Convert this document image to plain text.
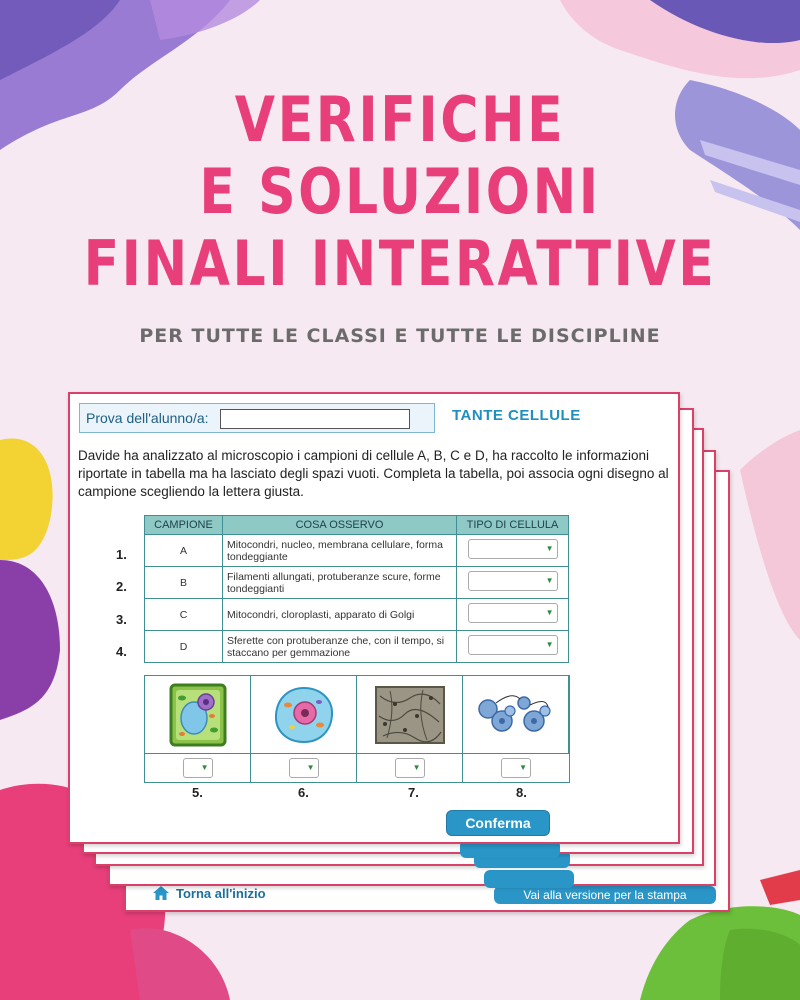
VERIFICHE
E SOLUZIONI
FINALI INTERATTIVE
PER TUTTE LE CLASSI E TUTTE LE DISCIPLINE
Torna all'inizio	Vai alla versione per la stampa
Prova dell'alunno/a:	TANTE CELLULE
Davide ha analizzato al microscopio i campioni di cellule A, B, C e D, ha raccolto le informazioni riportate in tabella ma ha lasciato degli spazi vuoti. Completa la tabella, poi associa ogni disegno al campione scegliendo la lettera giusta.
1.
2.
3.
4.
CAMPIONE	COSA OSSERVO	TIPO DI CELLULA
A	Mitocondri, nucleo, membrana cellulare, forma tondeggiante	▼

B	Filamenti allungati, protuberanze scure, forme tondeggianti	▼

C	Mitocondri, cloroplasti, apparato di Golgi	▼

D	Sferette con protuberanze che, con il tempo, si staccano per gemmazione	▼
▼	▼	▼	▼
5.	6.	7.	8.
Conferma
